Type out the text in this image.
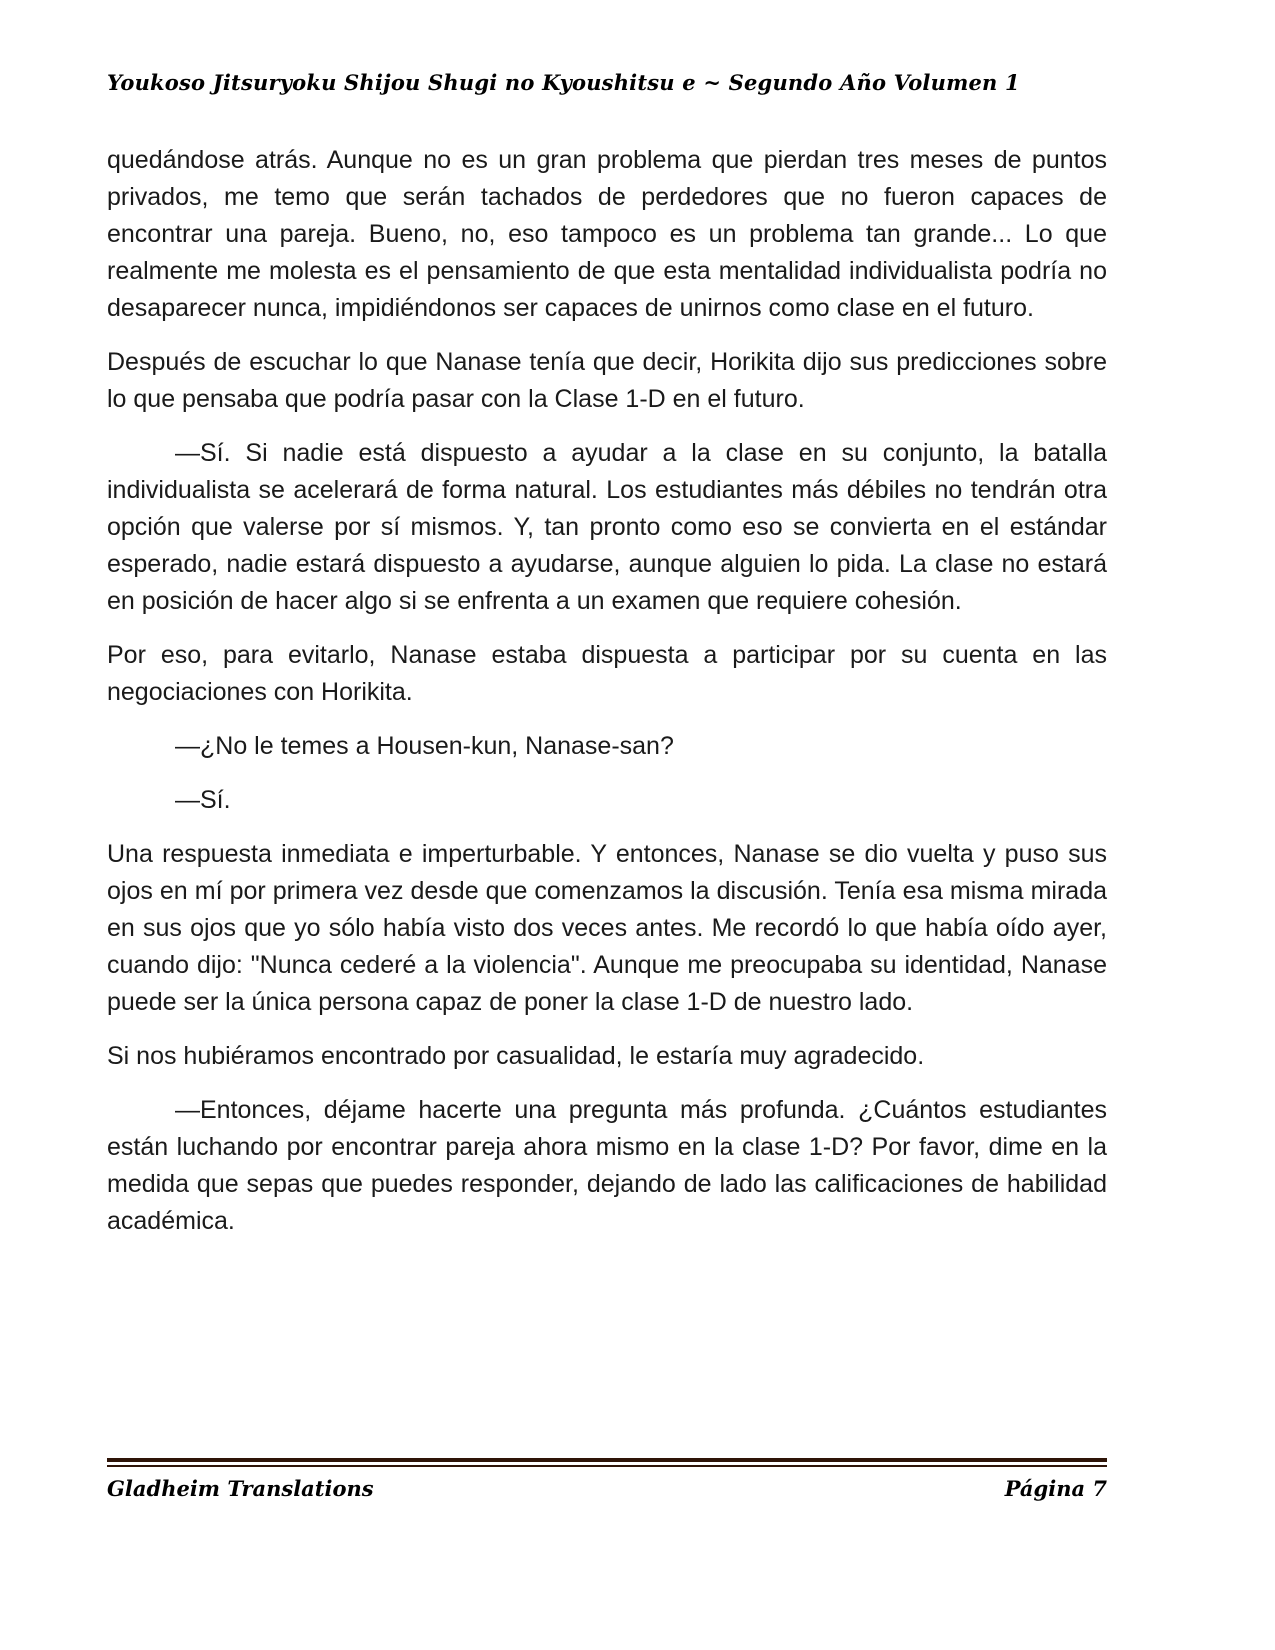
Youkoso Jitsuryoku Shijou Shugi no Kyoushitsu e ~ Segundo Año Volumen 1

quedándose atrás. Aunque no es un gran problema que pierdan tres meses de puntos privados, me temo que serán tachados de perdedores que no fueron capaces de encontrar una pareja. Bueno, no, eso tampoco es un problema tan grande... Lo que realmente me molesta es el pensamiento de que esta mentalidad individualista podría no desaparecer nunca, impidiéndonos ser capaces de unirnos como clase en el futuro.

Después de escuchar lo que Nanase tenía que decir, Horikita dijo sus predicciones sobre lo que pensaba que podría pasar con la Clase 1-D en el futuro.

—Sí. Si nadie está dispuesto a ayudar a la clase en su conjunto, la batalla individualista se acelerará de forma natural. Los estudiantes más débiles no tendrán otra opción que valerse por sí mismos. Y, tan pronto como eso se convierta en el estándar esperado, nadie estará dispuesto a ayudarse, aunque alguien lo pida. La clase no estará en posición de hacer algo si se enfrenta a un examen que requiere cohesión.

Por eso, para evitarlo, Nanase estaba dispuesta a participar por su cuenta en las negociaciones con Horikita.

—¿No le temes a Housen-kun, Nanase-san?

—Sí.

Una respuesta inmediata e imperturbable. Y entonces, Nanase se dio vuelta y puso sus ojos en mí por primera vez desde que comenzamos la discusión. Tenía esa misma mirada en sus ojos que yo sólo había visto dos veces antes. Me recordó lo que había oído ayer, cuando dijo: "Nunca cederé a la violencia". Aunque me preocupaba su identidad, Nanase puede ser la única persona capaz de poner la clase 1-D de nuestro lado.

Si nos hubiéramos encontrado por casualidad, le estaría muy agradecido.

—Entonces, déjame hacerte una pregunta más profunda. ¿Cuántos estudiantes están luchando por encontrar pareja ahora mismo en la clase 1-D? Por favor, dime en la medida que sepas que puedes responder, dejando de lado las calificaciones de habilidad académica.

Gladheim Translations	Página 7
